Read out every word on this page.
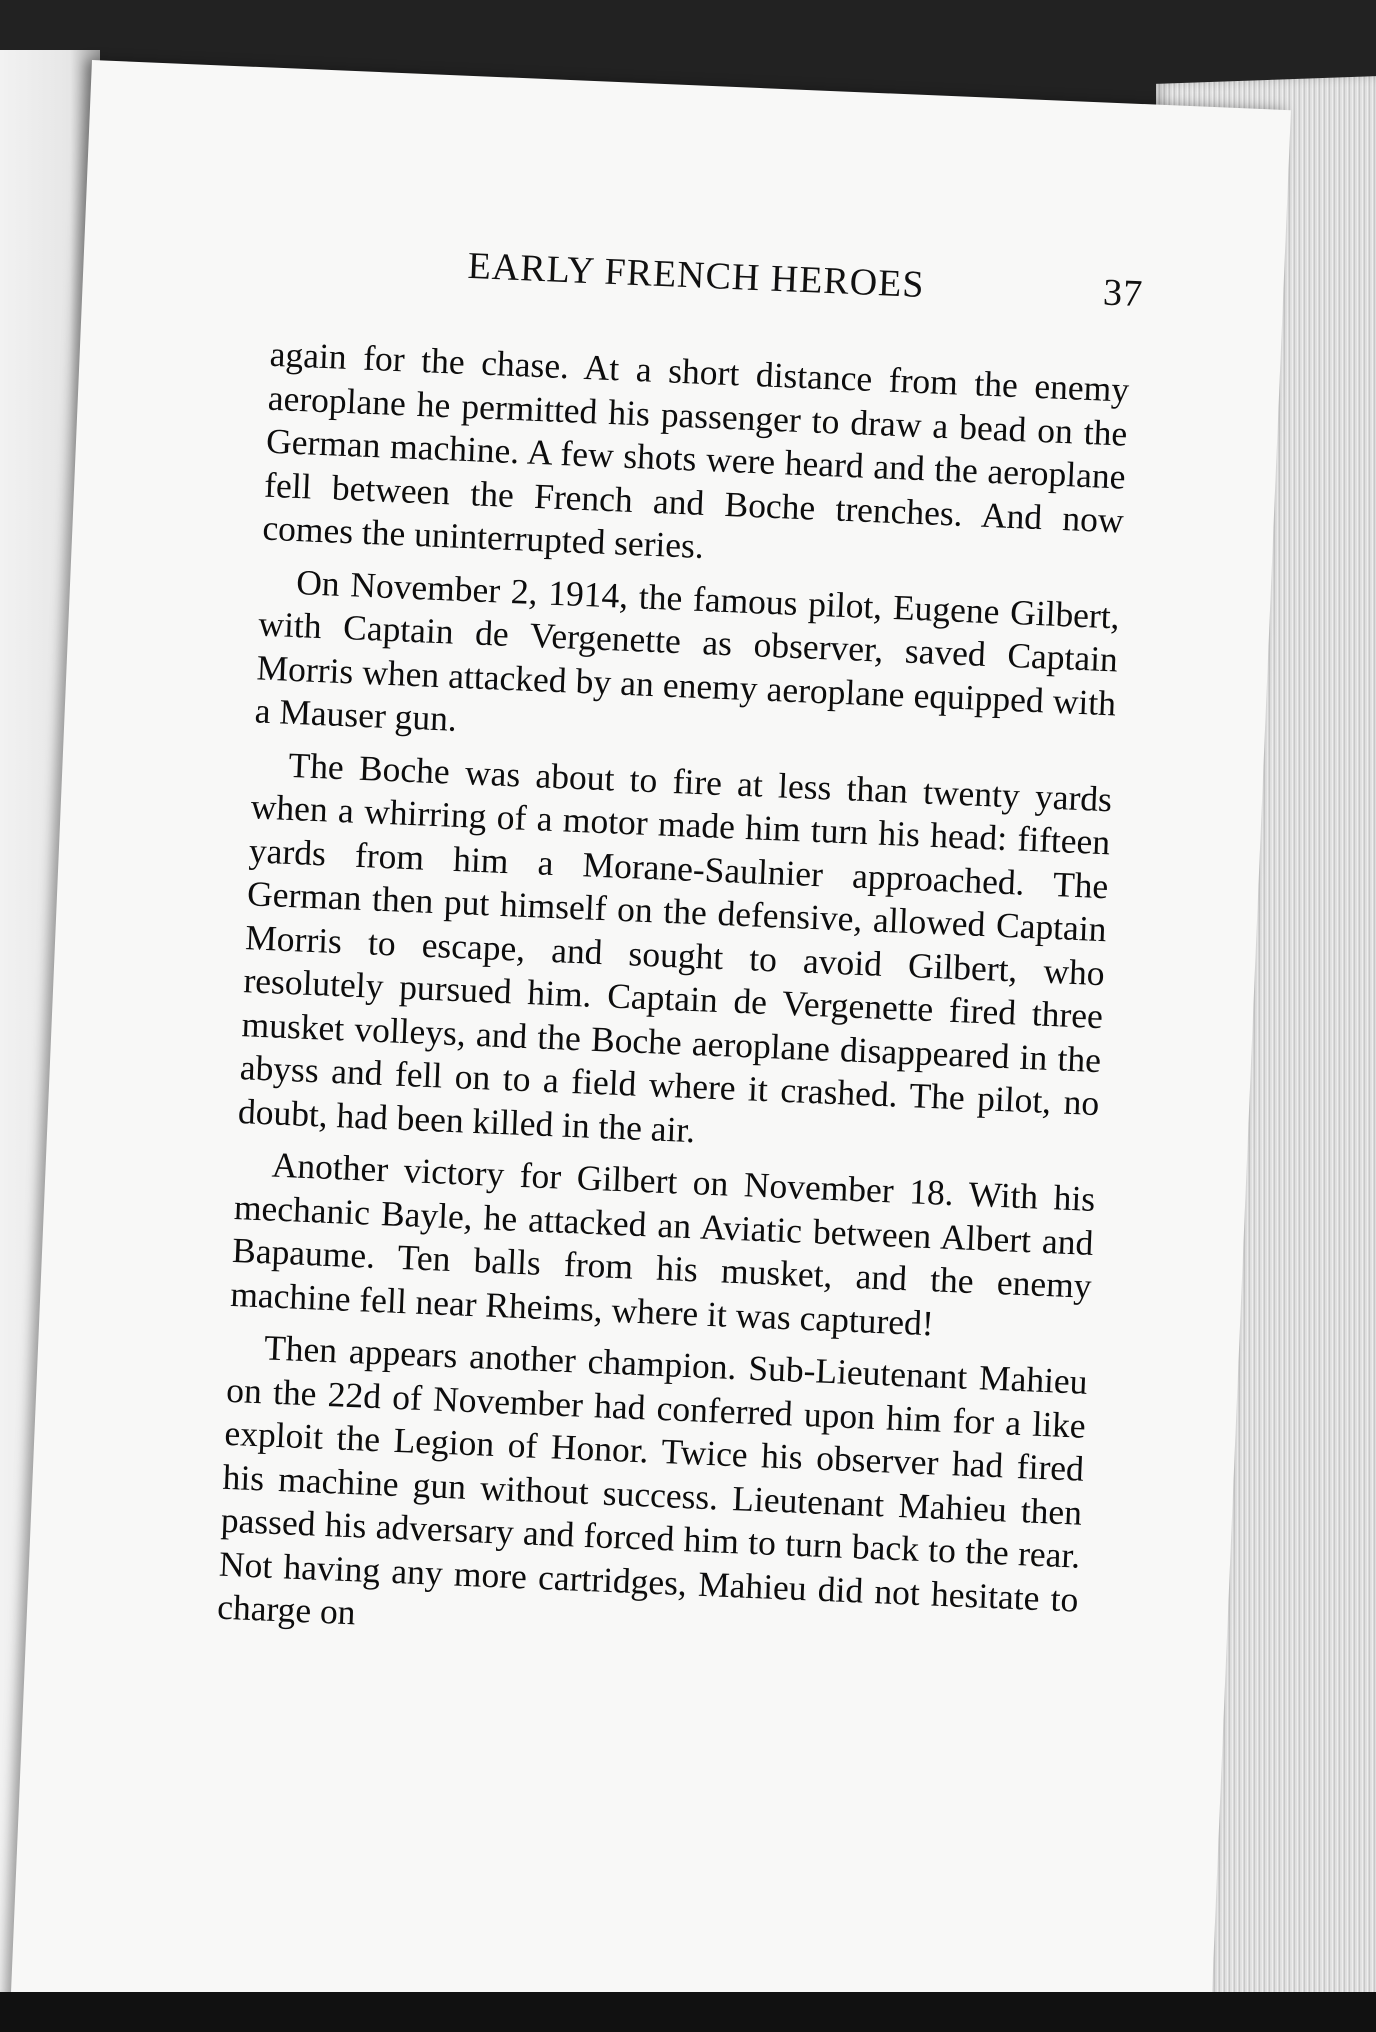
EARLY FRENCH HEROES	37

again for the chase. At a short distance from the enemy aeroplane he permitted his passenger to draw a bead on the German machine. A few shots were heard and the aeroplane fell between the French and Boche trenches. And now comes the uninterrupted series.

On November 2, 1914, the famous pilot, Eugene Gilbert, with Captain de Vergenette as observer, saved Captain Morris when attacked by an enemy aeroplane equipped with a Mauser gun.

The Boche was about to fire at less than twenty yards when a whirring of a motor made him turn his head: fifteen yards from him a Morane-Saulnier approached. The German then put himself on the defensive, allowed Captain Morris to escape, and sought to avoid Gilbert, who resolutely pursued him. Captain de Vergenette fired three musket volleys, and the Boche aeroplane disappeared in the abyss and fell on to a field where it crashed. The pilot, no doubt, had been killed in the air.

Another victory for Gilbert on November 18. With his mechanic Bayle, he attacked an Aviatic between Albert and Bapaume. Ten balls from his musket, and the enemy machine fell near Rheims, where it was captured!

Then appears another champion. Sub-Lieutenant Mahieu on the 22d of November had conferred upon him for a like exploit the Legion of Honor. Twice his observer had fired his machine gun without success. Lieutenant Mahieu then passed his adversary and forced him to turn back to the rear. Not having any more cartridges, Mahieu did not hesitate to charge on
